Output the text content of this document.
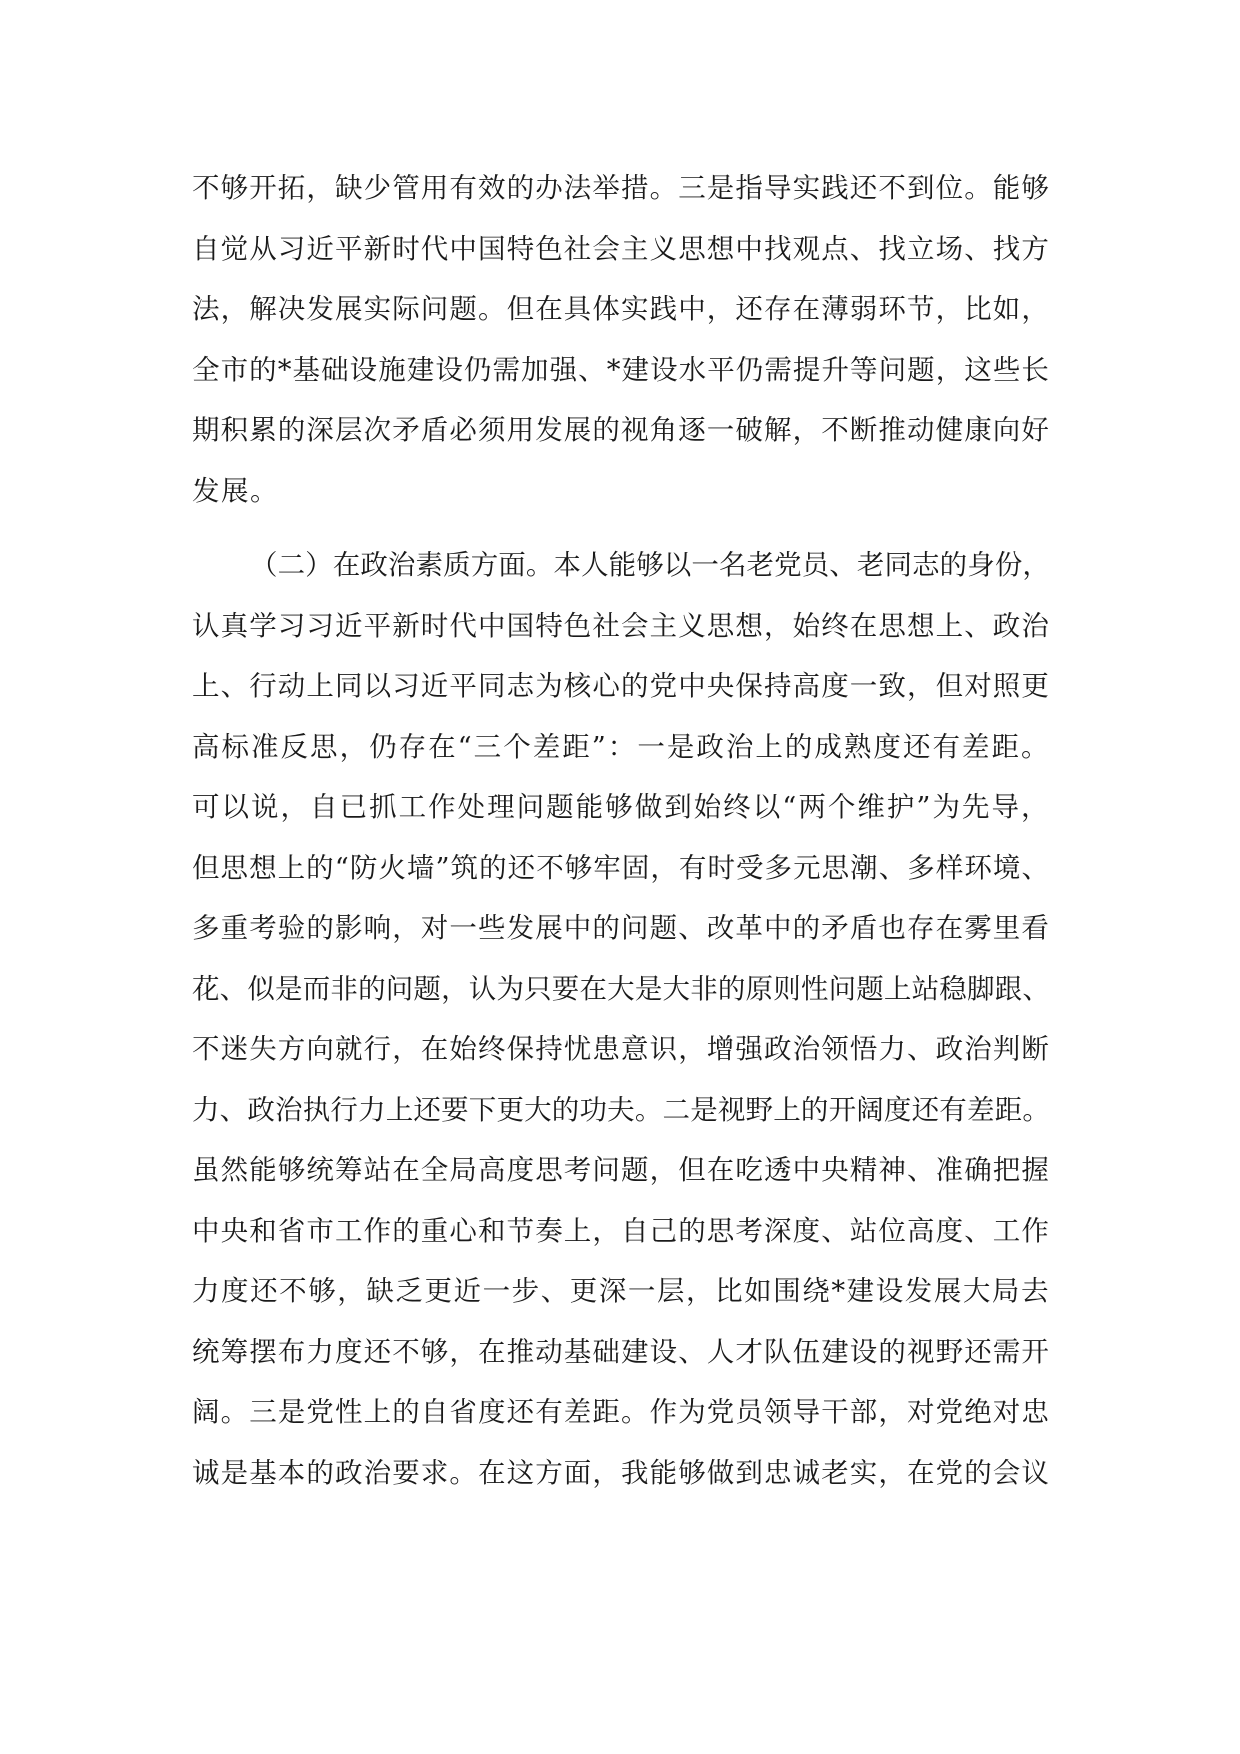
不够开拓，缺少管用有效的办法举措。三是指导实践还不到位。能够
自觉从习近平新时代中国特色社会主义思想中找观点、找立场、找方
法，解决发展实际问题。但在具体实践中，还存在薄弱环节，比如，
全市的*基础设施建设仍需加强、*建设水平仍需提升等问题，这些长
期积累的深层次矛盾必须用发展的视角逐一破解，不断推动健康向好
发展。
（二）在政治素质方面。本人能够以一名老党员、老同志的身份，
认真学习习近平新时代中国特色社会主义思想，始终在思想上、政治
上、行动上同以习近平同志为核心的党中央保持高度一致，但对照更
高标准反思，仍存在“三个差距”：一是政治上的成熟度还有差距。
可以说，自已抓工作处理问题能够做到始终以“两个维护”为先导，
但思想上的“防火墙”筑的还不够牢固，有时受多元思潮、多样环境、
多重考验的影响，对一些发展中的问题、改革中的矛盾也存在雾里看
花、似是而非的问题，认为只要在大是大非的原则性问题上站稳脚跟、
不迷失方向就行，在始终保持忧患意识，增强政治领悟力、政治判断
力、政治执行力上还要下更大的功夫。二是视野上的开阔度还有差距。
虽然能够统筹站在全局高度思考问题，但在吃透中央精神、准确把握
中央和省市工作的重心和节奏上，自己的思考深度、站位高度、工作
力度还不够，缺乏更近一步、更深一层，比如围绕*建设发展大局去
统筹摆布力度还不够，在推动基础建设、人才队伍建设的视野还需开
阔。三是党性上的自省度还有差距。作为党员领导干部，对党绝对忠
诚是基本的政治要求。在这方面，我能够做到忠诚老实，在党的会议
